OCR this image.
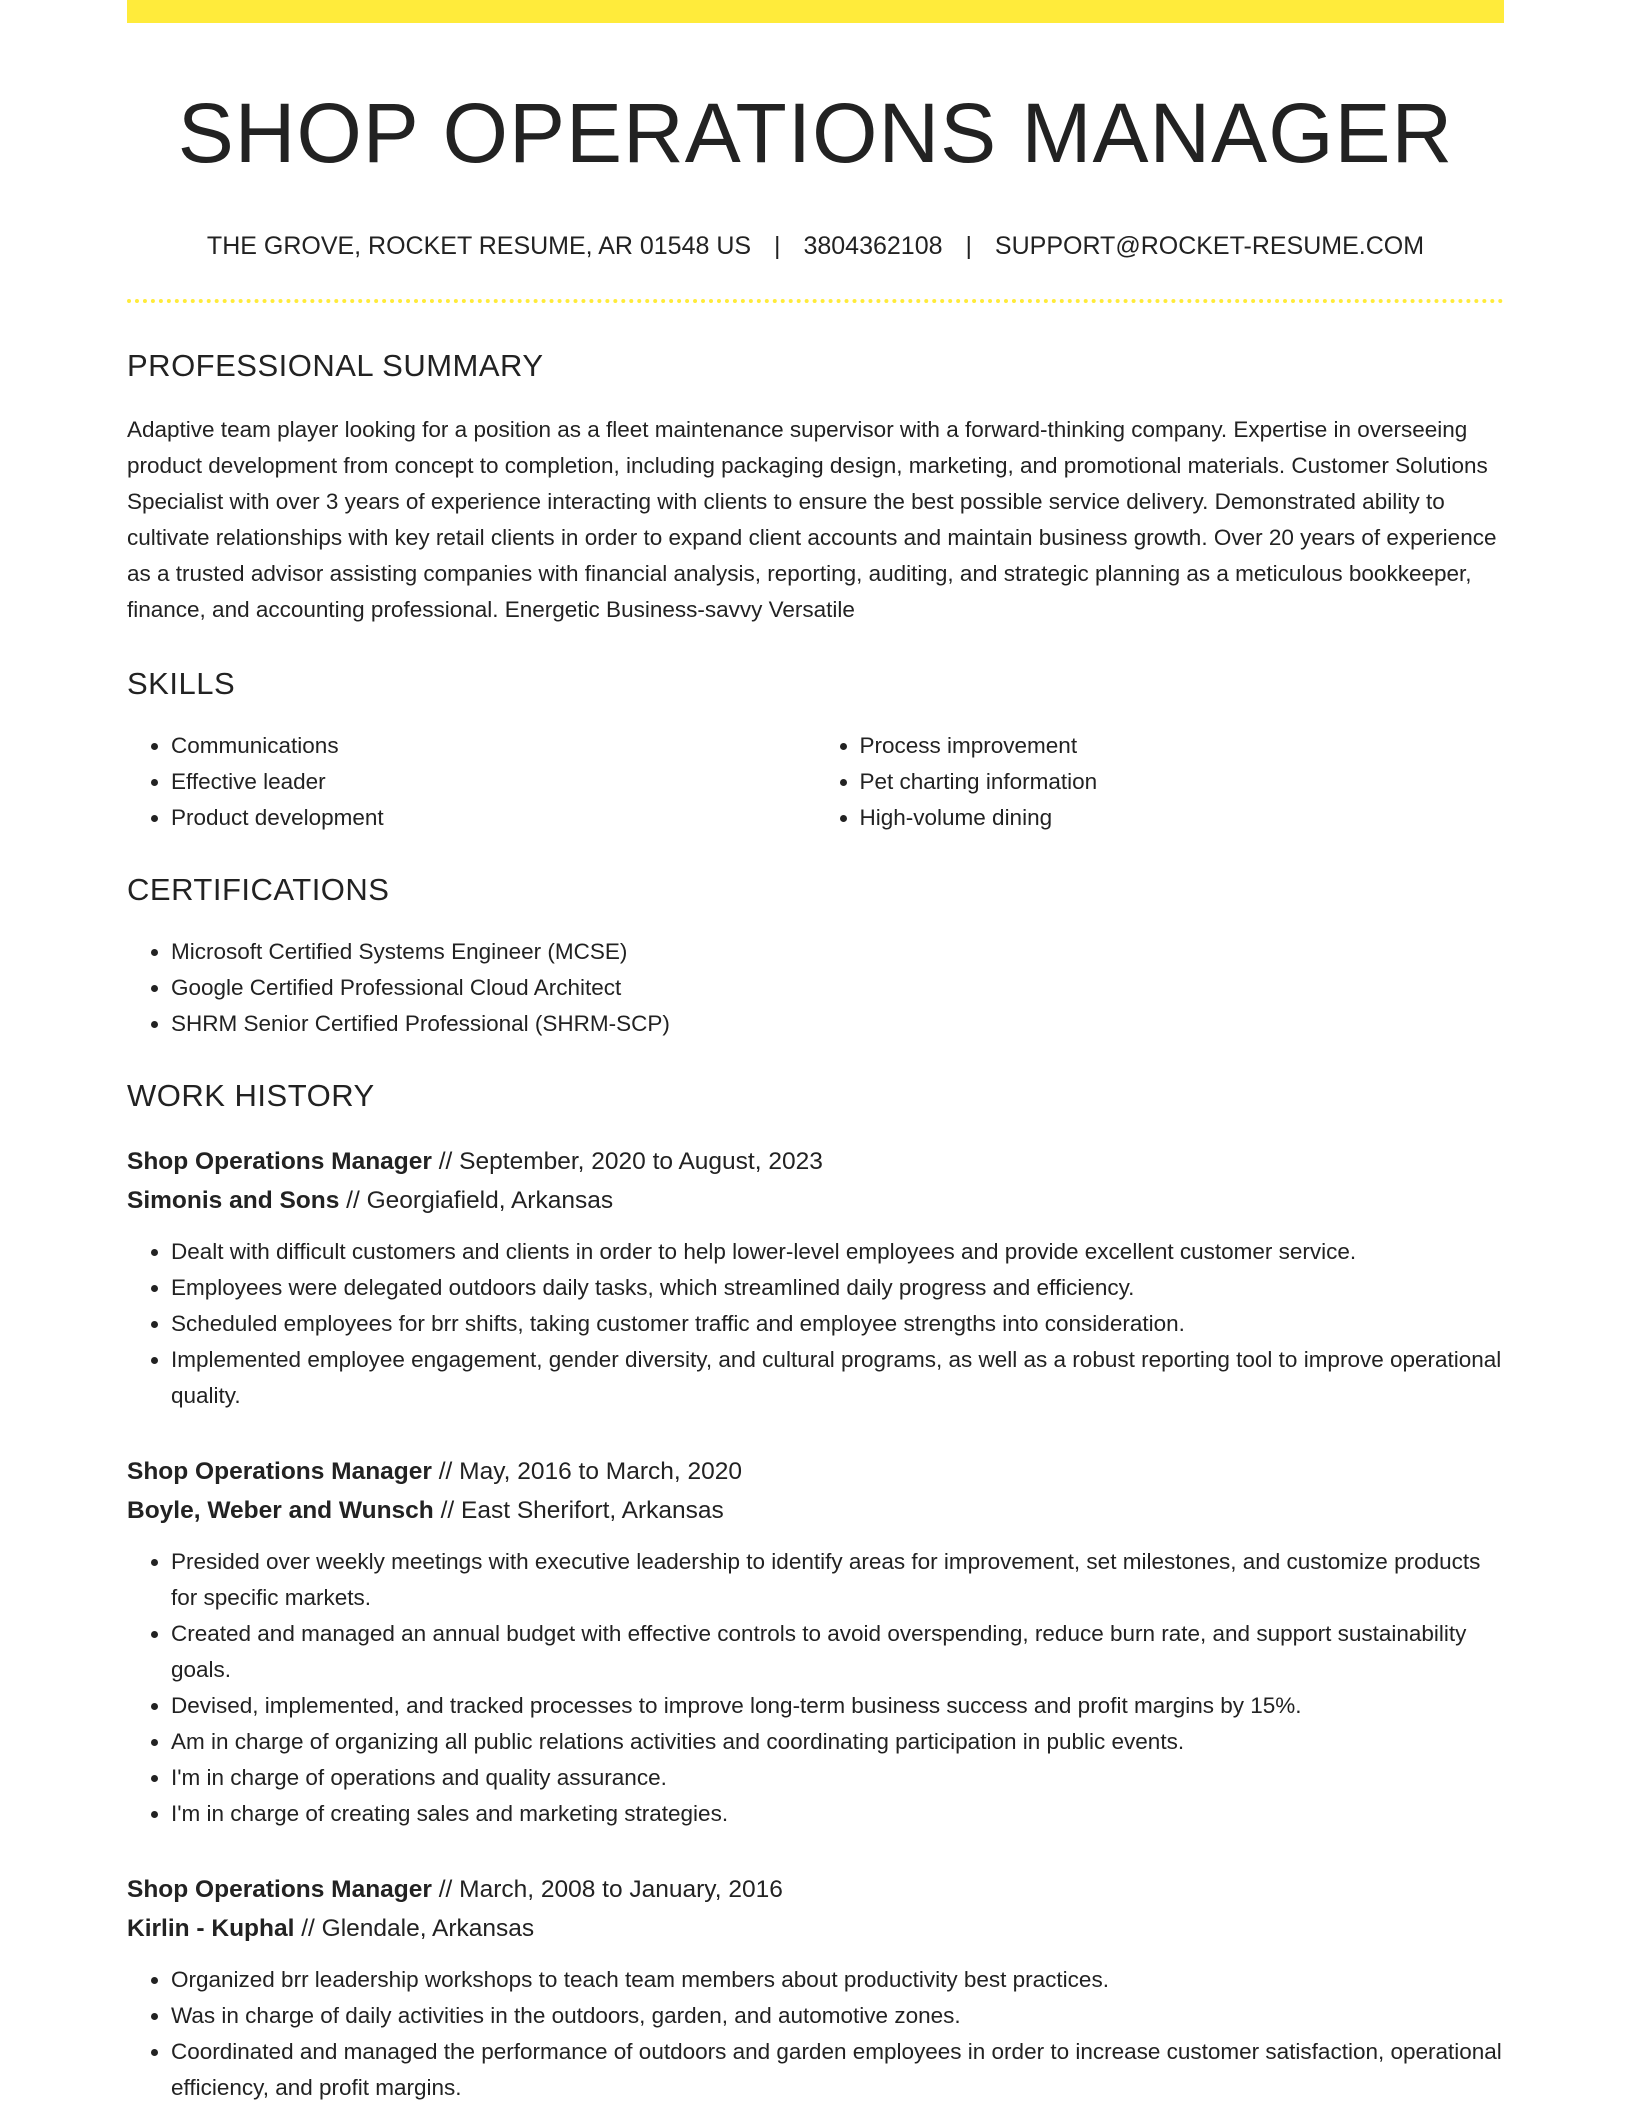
SHOP OPERATIONS MANAGER
THE GROVE, ROCKET RESUME, AR 01548 US | 3804362108 | SUPPORT@ROCKET-RESUME.COM
PROFESSIONAL SUMMARY

Adaptive team player looking for a position as a fleet maintenance supervisor with a forward-thinking company. Expertise in overseeing product development from concept to completion, including packaging design, marketing, and promotional materials. Customer Solutions Specialist with over 3 years of experience interacting with clients to ensure the best possible service delivery. Demonstrated ability to cultivate relationships with key retail clients in order to expand client accounts and maintain business growth. Over 20 years of experience as a trusted advisor assisting companies with financial analysis, reporting, auditing, and strategic planning as a meticulous bookkeeper, finance, and accounting professional. Energetic Business-savvy Versatile

SKILLS
• Communications
• Effective leader
• Product development
• Process improvement
• Pet charting information
• High-volume dining
CERTIFICATIONS
• Microsoft Certified Systems Engineer (MCSE)
• Google Certified Professional Cloud Architect
• SHRM Senior Certified Professional (SHRM-SCP)
WORK HISTORY
Shop Operations Manager // September, 2020 to August, 2023
Simonis and Sons // Georgiafield, Arkansas
• Dealt with difficult customers and clients in order to help lower-level employees and provide excellent customer service.
• Employees were delegated outdoors daily tasks, which streamlined daily progress and efficiency.
• Scheduled employees for brr shifts, taking customer traffic and employee strengths into consideration.
• Implemented employee engagement, gender diversity, and cultural programs, as well as a robust reporting tool to improve operational quality.
Shop Operations Manager // May, 2016 to March, 2020
Boyle, Weber and Wunsch // East Sherifort, Arkansas
• Presided over weekly meetings with executive leadership to identify areas for improvement, set milestones, and customize products for specific markets.
• Created and managed an annual budget with effective controls to avoid overspending, reduce burn rate, and support sustainability goals.
• Devised, implemented, and tracked processes to improve long-term business success and profit margins by 15%.
• Am in charge of organizing all public relations activities and coordinating participation in public events.
• I'm in charge of operations and quality assurance.
• I'm in charge of creating sales and marketing strategies.
Shop Operations Manager // March, 2008 to January, 2016
Kirlin - Kuphal // Glendale, Arkansas
• Organized brr leadership workshops to teach team members about productivity best practices.
• Was in charge of daily activities in the outdoors, garden, and automotive zones.
• Coordinated and managed the performance of outdoors and garden employees in order to increase customer satisfaction, operational efficiency, and profit margins.
